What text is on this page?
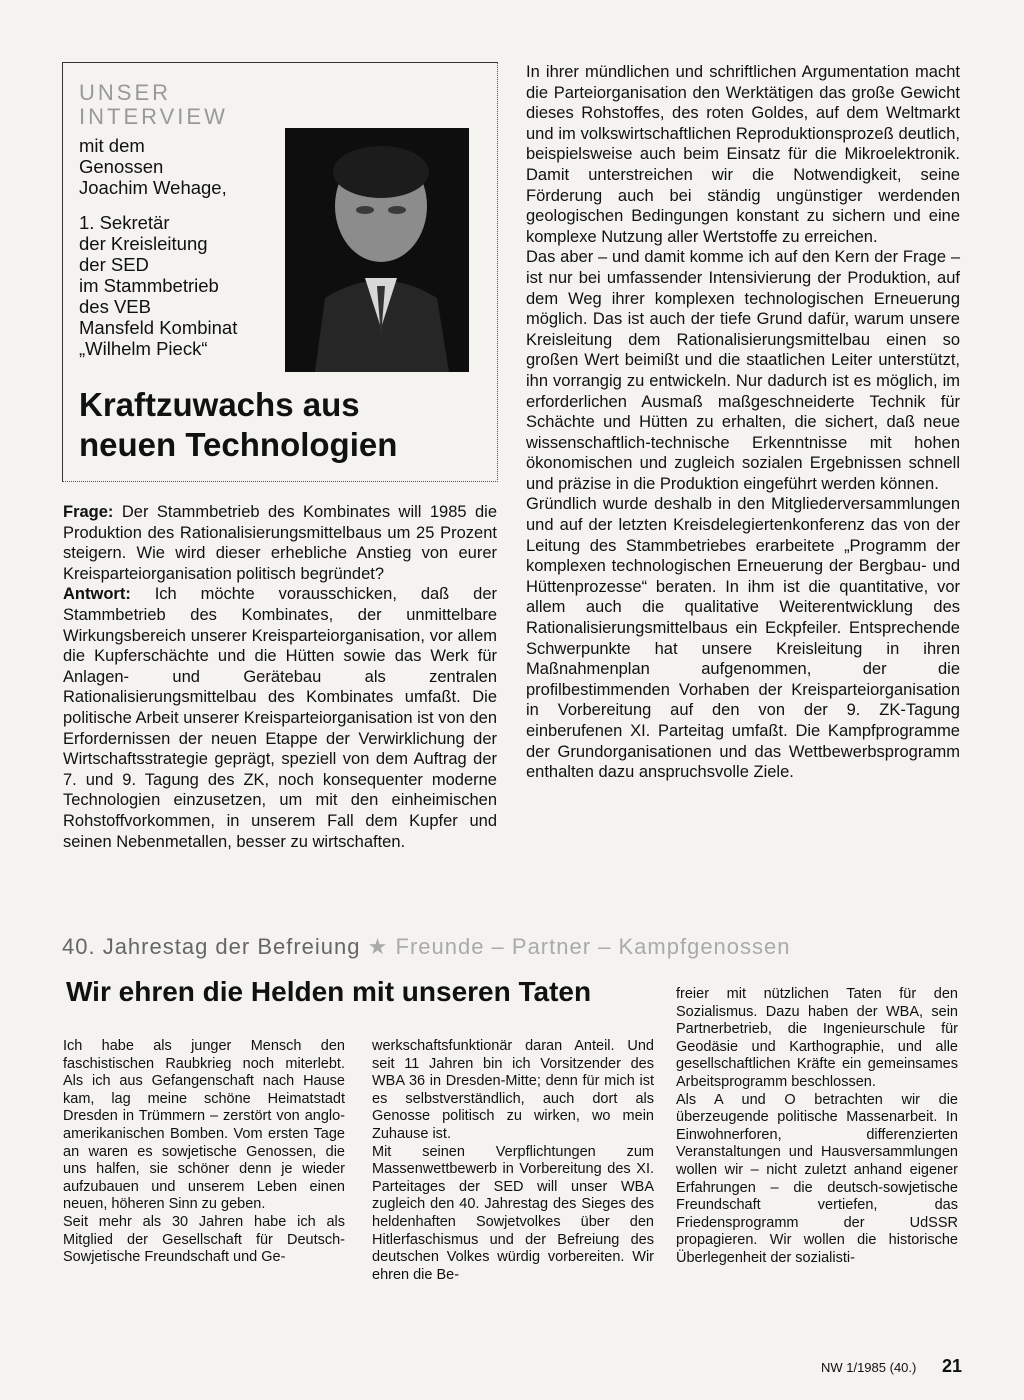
UNSER
INTERVIEW
mit dem
Genossen
Joachim Wehage,
1. Sekretär
der Kreisleitung
der SED
im Stammbetrieb
des VEB
Mansfeld Kombinat
„Wilhelm Pieck“
Kraftzuwachs aus
neuen Technologien

Frage: Der Stammbetrieb des Kombinates will 1985 die Produktion des Rationalisierungsmittelbaus um 25 Prozent steigern. Wie wird dieser erhebliche Anstieg von eurer Kreisparteiorganisation politisch begründet?

Antwort: Ich möchte vorausschicken, daß der Stammbetrieb des Kombinates, der unmittelbare Wirkungsbereich unserer Kreisparteiorganisation, vor allem die Kupferschächte und die Hütten sowie das Werk für Anlagen- und Gerätebau als zentralen Rationalisierungsmittelbau des Kombinates umfaßt. Die politische Arbeit unserer Kreisparteiorganisation ist von den Erfordernissen der neuen Etappe der Verwirklichung der Wirtschaftsstrategie geprägt, speziell von dem Auftrag der 7. und 9. Tagung des ZK, noch konsequenter moderne Technologien einzusetzen, um mit den einheimischen Rohstoffvorkommen, in unserem Fall dem Kupfer und seinen Nebenmetallen, besser zu wirtschaften.

In ihrer mündlichen und schriftlichen Argumentation macht die Parteiorganisation den Werktätigen das große Gewicht dieses Rohstoffes, des roten Goldes, auf dem Weltmarkt und im volkswirtschaftlichen Reproduktionsprozeß deutlich, beispielsweise auch beim Einsatz für die Mikroelektronik. Damit unterstreichen wir die Notwendigkeit, seine Förderung auch bei ständig ungünstiger werdenden geologischen Bedingungen konstant zu sichern und eine komplexe Nutzung aller Wertstoffe zu erreichen.

Das aber – und damit komme ich auf den Kern der Frage – ist nur bei umfassender Intensivierung der Produktion, auf dem Weg ihrer komplexen technologischen Erneuerung möglich. Das ist auch der tiefe Grund dafür, warum unsere Kreisleitung dem Rationalisierungsmittelbau einen so großen Wert beimißt und die staatlichen Leiter unterstützt, ihn vorrangig zu entwickeln. Nur dadurch ist es möglich, im erforderlichen Ausmaß maßgeschneiderte Technik für Schächte und Hütten zu erhalten, die sichert, daß neue wissenschaftlich-technische Erkenntnisse mit hohen ökonomischen und zugleich sozialen Ergebnissen schnell und präzise in die Produktion eingeführt werden können.

Gründlich wurde deshalb in den Mitgliederversammlungen und auf der letzten Kreisdelegiertenkonferenz das von der Leitung des Stammbetriebes erarbeitete „Programm der komplexen technologischen Erneuerung der Bergbau- und Hüttenprozesse“ beraten. In ihm ist die quantitative, vor allem auch die qualitative Weiterentwicklung des Rationalisierungsmittelbaus ein Eckpfeiler. Entsprechende Schwerpunkte hat unsere Kreisleitung in ihren Maßnahmenplan aufgenommen, der die profilbestimmenden Vorhaben der Kreisparteiorganisation in Vorbereitung auf den von der 9. ZK-Tagung einberufenen XI. Parteitag umfaßt. Die Kampfprogramme der Grundorganisationen und das Wettbewerbsprogramm enthalten dazu anspruchsvolle Ziele.

40. Jahrestag der Befreiung ★ Freunde – Partner – Kampfgenossen
Wir ehren die Helden mit unseren Taten

Ich habe als junger Mensch den faschistischen Raubkrieg noch miterlebt. Als ich aus Gefangenschaft nach Hause kam, lag meine schöne Heimatstadt Dresden in Trümmern – zerstört von anglo-amerikanischen Bomben. Vom ersten Tage an waren es sowjetische Genossen, die uns halfen, sie schöner denn je wieder aufzubauen und unserem Leben einen neuen, höheren Sinn zu geben.

Seit mehr als 30 Jahren habe ich als Mitglied der Gesellschaft für Deutsch-Sowjetische Freundschaft und Ge-

werkschaftsfunktionär daran Anteil. Und seit 11 Jahren bin ich Vorsitzender des WBA 36 in Dresden-Mitte; denn für mich ist es selbstverständlich, auch dort als Genosse politisch zu wirken, wo mein Zuhause ist.

Mit seinen Verpflichtungen zum Massenwettbewerb in Vorbereitung des XI. Parteitages der SED will unser WBA zugleich den 40. Jahrestag des Sieges des heldenhaften Sowjetvolkes über den Hitlerfaschismus und der Befreiung des deutschen Volkes würdig vorbereiten. Wir ehren die Be-

freier mit nützlichen Taten für den Sozialismus. Dazu haben der WBA, sein Partnerbetrieb, die Ingenieurschule für Geodäsie und Karthographie, und alle gesellschaftlichen Kräfte ein gemeinsames Arbeitsprogramm beschlossen.

Als A und O betrachten wir die überzeugende politische Massenarbeit. In Einwohnerforen, differenzierten Veranstaltungen und Hausversammlungen wollen wir – nicht zuletzt anhand eigener Erfahrungen – die deutsch-sowjetische Freundschaft vertiefen, das Friedensprogramm der UdSSR propagieren. Wir wollen die historische Überlegenheit der sozialisti-

NW 1/1985 (40.) 21
